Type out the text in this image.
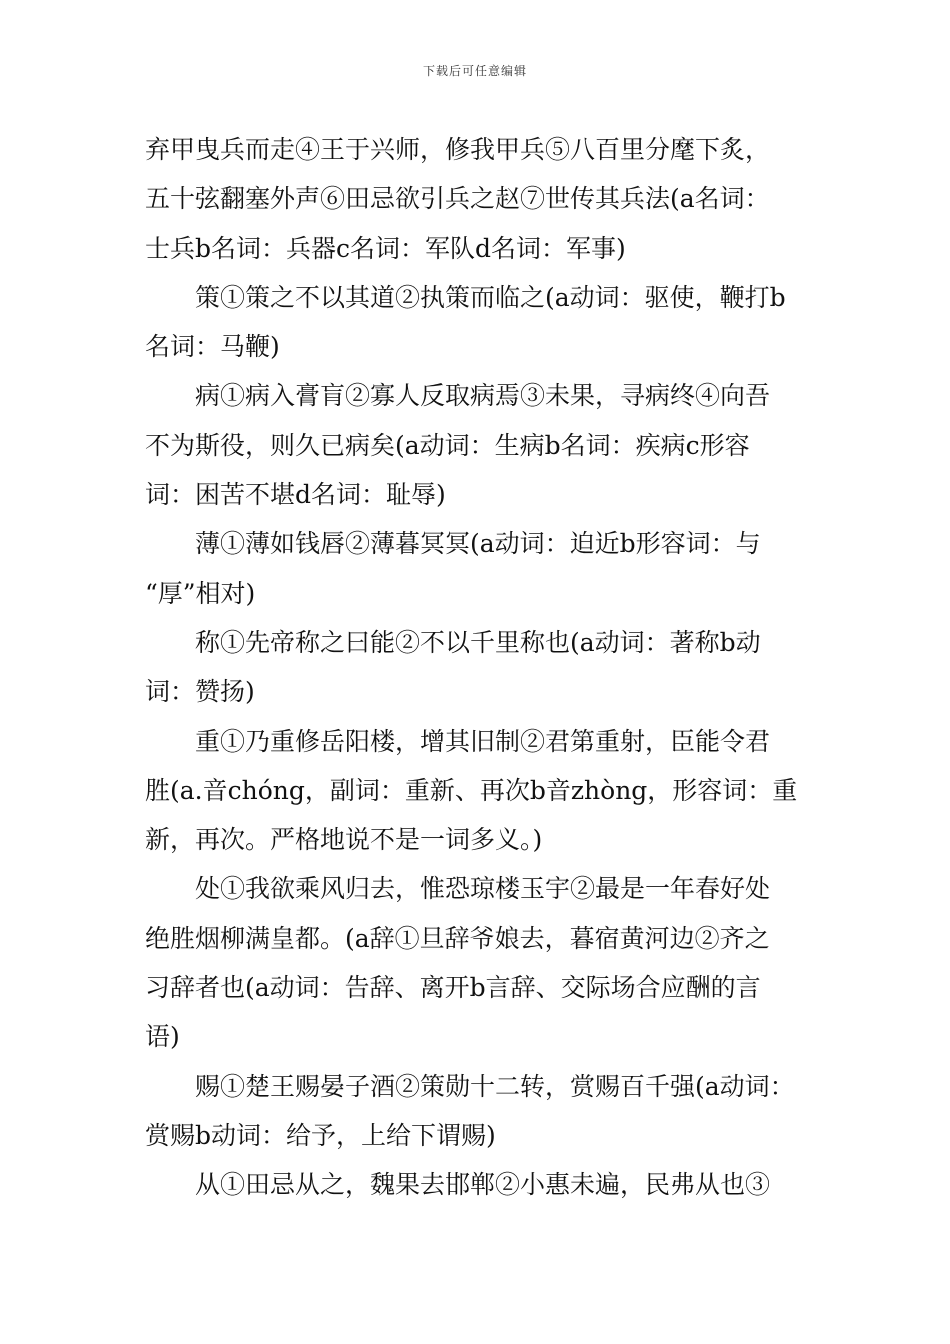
下载后可任意编辑
弃甲曳兵而走④王于兴师，修我甲兵⑤八百里分麾下炙，
五十弦翻塞外声⑥田忌欲引兵之赵⑦世传其兵法(a名词：
士兵b名词：兵器c名词：军队d名词：军事)
策①策之不以其道②执策而临之(a动词：驱使，鞭打b
名词：马鞭)
病①病入膏肓②寡人反取病焉③未果，寻病终④向吾
不为斯役，则久已病矣(a动词：生病b名词：疾病c形容
词：困苦不堪d名词：耻辱)
薄①薄如钱唇②薄暮冥冥(a动词：迫近b形容词：与
“厚”相对)
称①先帝称之曰能②不以千里称也(a动词：著称b动
词：赞扬)
重①乃重修岳阳楼，增其旧制②君第重射，臣能令君
胜(a.音chóng，副词：重新、再次b音zhòng，形容词：重
新，再次。严格地说不是一词多义。)
处①我欲乘风归去，惟恐琼楼玉宇②最是一年春好处
绝胜烟柳满皇都。(a辞①旦辞爷娘去，暮宿黄河边②齐之
习辞者也(a动词：告辞、离开b言辞、交际场合应酬的言
语)
赐①楚王赐晏子酒②策勋十二转，赏赐百千强(a动词：
赏赐b动词：给予，上给下谓赐)
从①田忌从之，魏果去邯郸②小惠未遍，民弗从也③
